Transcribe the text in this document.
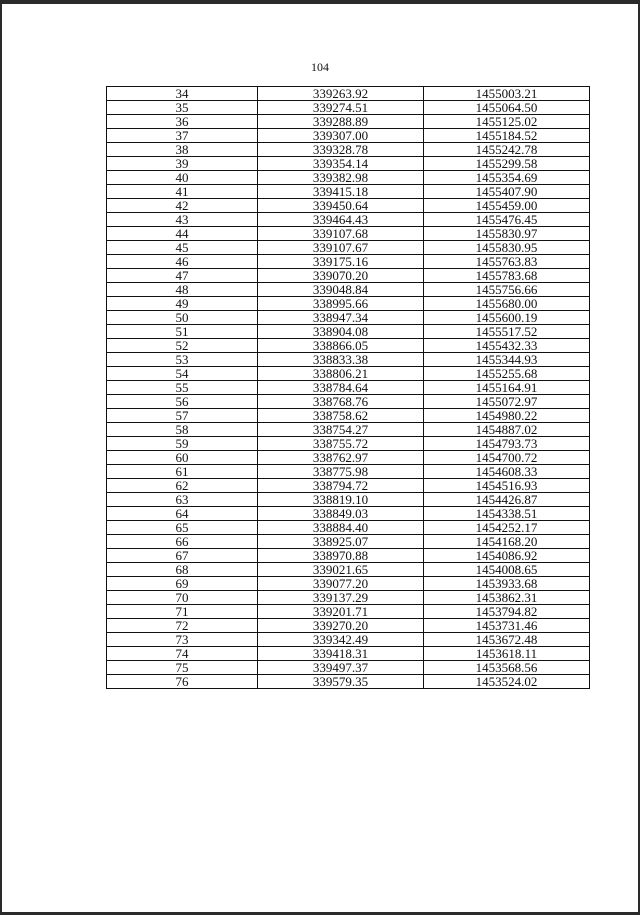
104
34	339263.92	1455003.21
35	339274.51	1455064.50
36	339288.89	1455125.02
37	339307.00	1455184.52
38	339328.78	1455242.78
39	339354.14	1455299.58
40	339382.98	1455354.69
41	339415.18	1455407.90
42	339450.64	1455459.00
43	339464.43	1455476.45
44	339107.68	1455830.97
45	339107.67	1455830.95
46	339175.16	1455763.83
47	339070.20	1455783.68
48	339048.84	1455756.66
49	338995.66	1455680.00
50	338947.34	1455600.19
51	338904.08	1455517.52
52	338866.05	1455432.33
53	338833.38	1455344.93
54	338806.21	1455255.68
55	338784.64	1455164.91
56	338768.76	1455072.97
57	338758.62	1454980.22
58	338754.27	1454887.02
59	338755.72	1454793.73
60	338762.97	1454700.72
61	338775.98	1454608.33
62	338794.72	1454516.93
63	338819.10	1454426.87
64	338849.03	1454338.51
65	338884.40	1454252.17
66	338925.07	1454168.20
67	338970.88	1454086.92
68	339021.65	1454008.65
69	339077.20	1453933.68
70	339137.29	1453862.31
71	339201.71	1453794.82
72	339270.20	1453731.46
73	339342.49	1453672.48
74	339418.31	1453618.11
75	339497.37	1453568.56
76	339579.35	1453524.02
